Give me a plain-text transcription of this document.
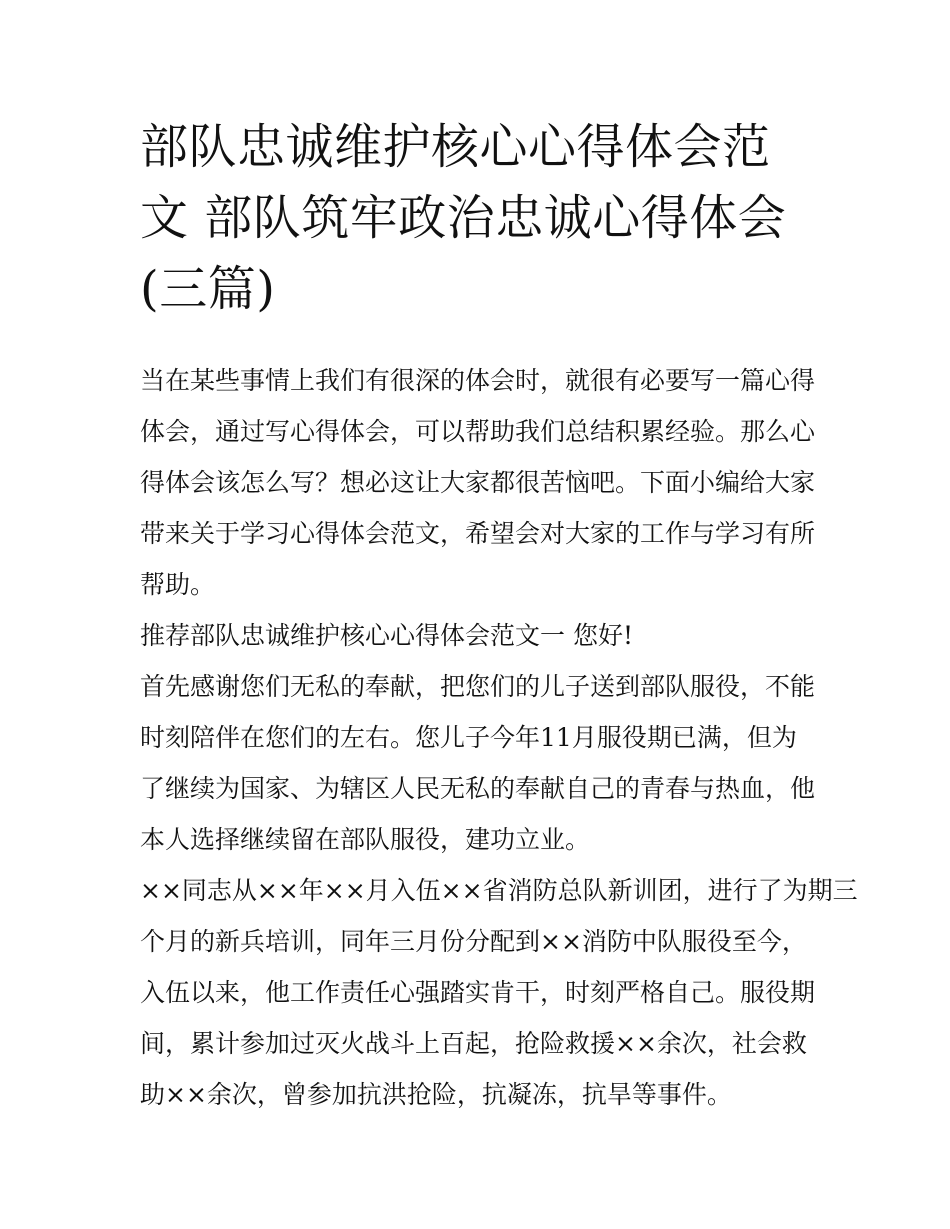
部队忠诚维护核心心得体会范
文 部队筑牢政治忠诚心得体会
(三篇)
当在某些事情上我们有很深的体会时，就很有必要写一篇心得
体会，通过写心得体会，可以帮助我们总结积累经验。那么心
得体会该怎么写？想必这让大家都很苦恼吧。下面小编给大家
带来关于学习心得体会范文，希望会对大家的工作与学习有所
帮助。
推荐部队忠诚维护核心心得体会范文一 您好!
首先感谢您们无私的奉献，把您们的儿子送到部队服役，不能
时刻陪伴在您们的左右。您儿子今年11月服役期已满，但为
了继续为国家、为辖区人民无私的奉献自己的青春与热血，他
本人选择继续留在部队服役，建功立业。
××同志从××年××月入伍××省消防总队新训团，进行了为期三
个月的新兵培训，同年三月份分配到××消防中队服役至今，
入伍以来，他工作责任心强踏实肯干，时刻严格自己。服役期
间，累计参加过灭火战斗上百起，抢险救援××余次，社会救
助××余次，曾参加抗洪抢险，抗凝冻，抗旱等事件。
